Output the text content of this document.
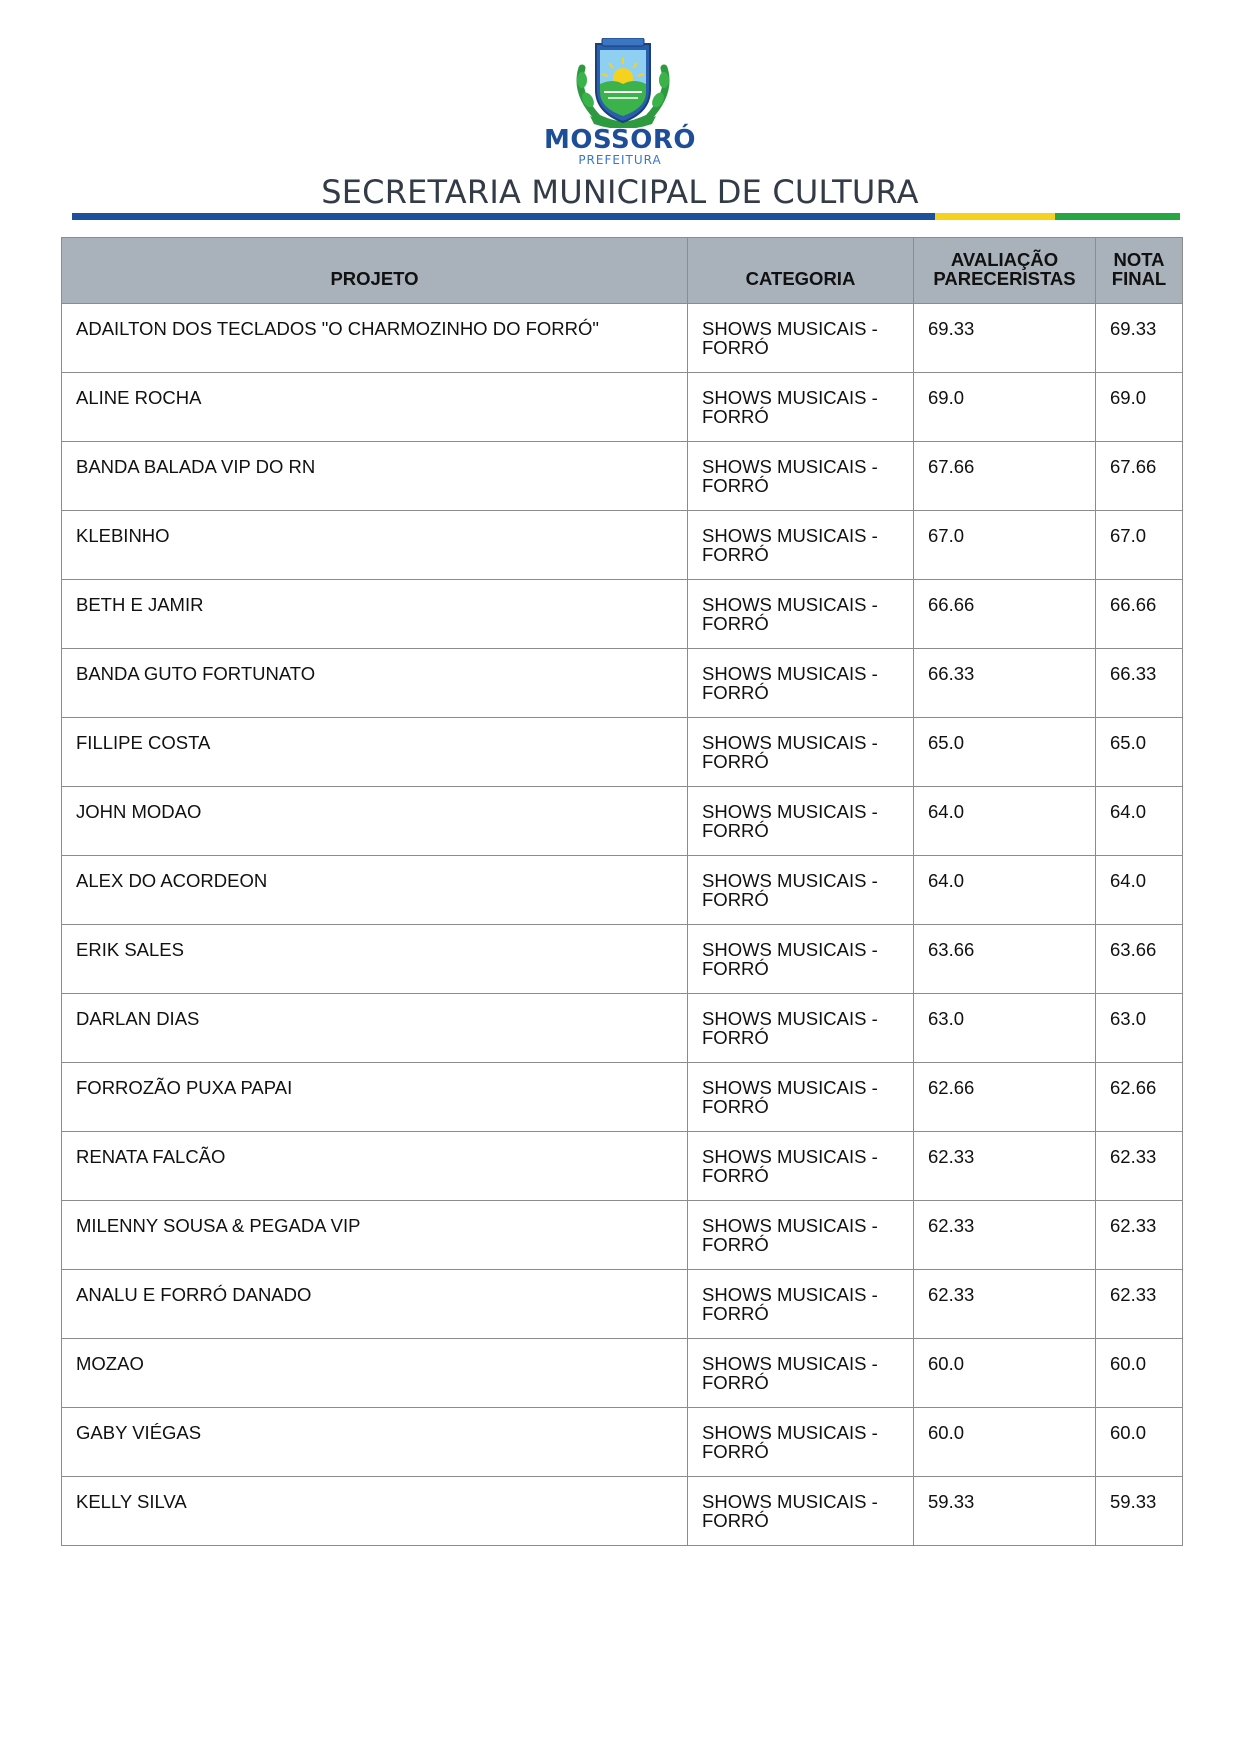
MOSSORÓ
PREFEITURA
SECRETARIA MUNICIPAL DE CULTURA
PROJETO	CATEGORIA	AVALIAÇÃO PARECERISTAS	NOTA FINAL
ADAILTON DOS TECLADOS "O CHARMOZINHO DO FORRÓ"	SHOWS MUSICAIS - FORRÓ	69.33	69.33
ALINE ROCHA	SHOWS MUSICAIS - FORRÓ	69.0	69.0
BANDA BALADA VIP DO RN	SHOWS MUSICAIS - FORRÓ	67.66	67.66
KLEBINHO	SHOWS MUSICAIS - FORRÓ	67.0	67.0
BETH E JAMIR	SHOWS MUSICAIS - FORRÓ	66.66	66.66
BANDA GUTO FORTUNATO	SHOWS MUSICAIS - FORRÓ	66.33	66.33
FILLIPE COSTA	SHOWS MUSICAIS - FORRÓ	65.0	65.0
JOHN MODAO	SHOWS MUSICAIS - FORRÓ	64.0	64.0
ALEX DO ACORDEON	SHOWS MUSICAIS - FORRÓ	64.0	64.0
ERIK SALES	SHOWS MUSICAIS - FORRÓ	63.66	63.66
DARLAN DIAS	SHOWS MUSICAIS - FORRÓ	63.0	63.0
FORROZÃO PUXA PAPAI	SHOWS MUSICAIS - FORRÓ	62.66	62.66
RENATA FALCÃO	SHOWS MUSICAIS - FORRÓ	62.33	62.33
MILENNY SOUSA & PEGADA VIP	SHOWS MUSICAIS - FORRÓ	62.33	62.33
ANALU E FORRÓ DANADO	SHOWS MUSICAIS - FORRÓ	62.33	62.33
MOZAO	SHOWS MUSICAIS - FORRÓ	60.0	60.0
GABY VIÉGAS	SHOWS MUSICAIS - FORRÓ	60.0	60.0
KELLY SILVA	SHOWS MUSICAIS - FORRÓ	59.33	59.33
